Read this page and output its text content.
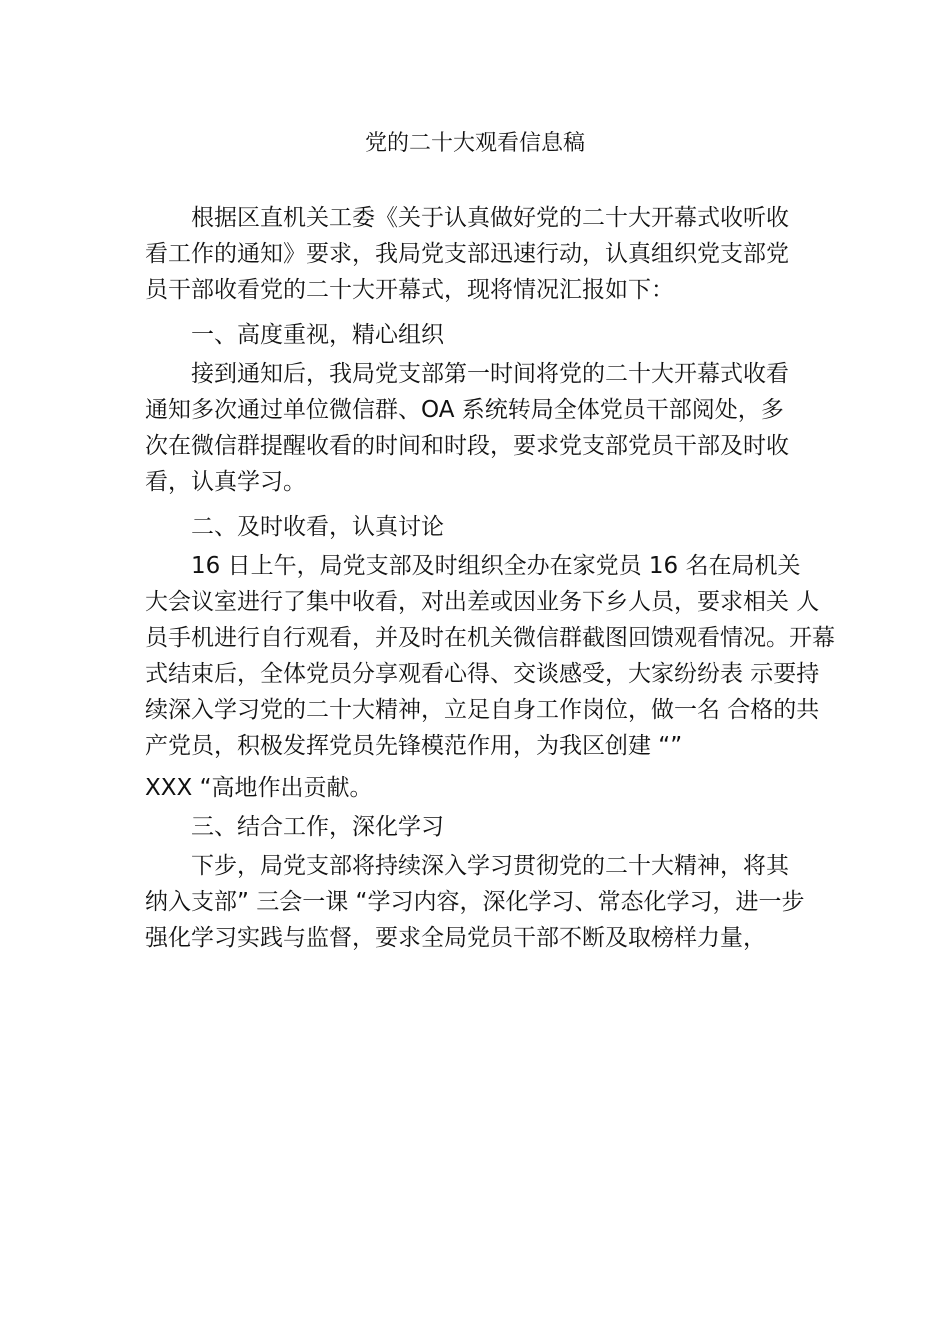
党的二十大观看信息稿

根据区直机关工委《关于认真做好党的二十大开幕式收听收
看工作的通知》要求，我局党支部迅速行动，认真组织党支部党
员干部收看党的二十大开幕式，现将情况汇报如下：

一、高度重视，精心组织

接到通知后，我局党支部第一时间将党的二十大开幕式收看
通知多次通过单位微信群、OA 系统转局全体党员干部阅处，多
次在微信群提醒收看的时间和时段，要求党支部党员干部及时收
看，认真学习。

二、及时收看，认真讨论

16 日上午，局党支部及时组织全办在家党员 16 名在局机关
大会议室进行了集中收看，对出差或因业务下乡人员，要求相关 人
员手机进行自行观看，并及时在机关微信群截图回馈观看情况。开幕
式结束后，全体党员分享观看心得、交谈感受，大家纷纷表 示要持
续深入学习党的二十大精神，立足自身工作岗位，做一名 合格的共
产党员，积极发挥党员先锋模范作用，为我区创建 “”

XXX “高地作出贡献。

三、结合工作，深化学习

下步，局党支部将持续深入学习贯彻党的二十大精神，将其
纳入支部” 三会一课 “学习内容，深化学习、常态化学习，进一步
强化学习实践与监督，要求全局党员干部不断及取榜样力量，
